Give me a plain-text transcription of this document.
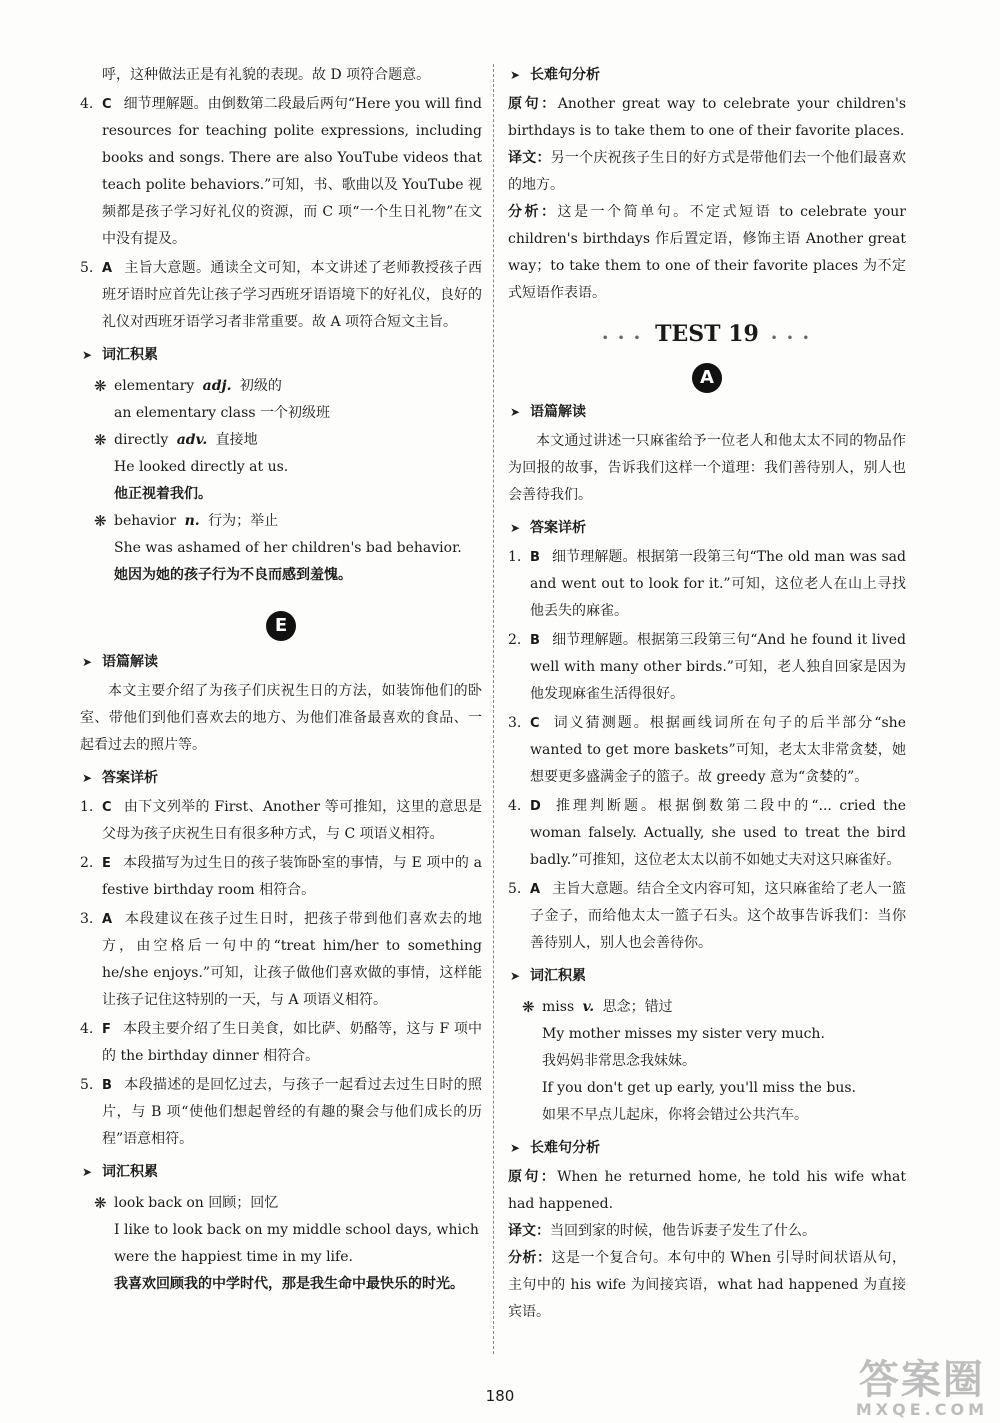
呼，这种做法正是有礼貌的表现。故 D 项符合题意。

4. C 细节理解题。由倒数第二段最后两句“Here you will find resources for teaching polite expressions, including books and songs. There are also YouTube videos that teach polite behaviors.”可知，书、歌曲以及 YouTube 视频都是孩子学习好礼仪的资源，而 C 项“一个生日礼物”在文中没有提及。

5. A 主旨大意题。通读全文可知，本文讲述了老师教授孩子西班牙语时应首先让孩子学习西班牙语语境下的好礼仪，良好的礼仪对西班牙语学习者非常重要。故 A 项符合短文主旨。

➤ 词汇积累
❋ elementary adj. 初级的
an elementary class 一个初级班
❋ directly adv. 直接地
He looked directly at us.
他正视着我们。
❋ behavior n. 行为；举止
She was ashamed of her children's bad behavior.
她因为她的孩子行为不良而感到羞愧。
E
➤ 语篇解读

本文主要介绍了为孩子们庆祝生日的方法，如装饰他们的卧室、带他们到他们喜欢去的地方、为他们准备最喜欢的食品、一起看过去的照片等。

➤ 答案详析
1. C 由下文列举的 First、Another 等可推知，这里的意思是父母为孩子庆祝生日有很多种方式，与 C 项语义相符。

2. E 本段描写为过生日的孩子装饰卧室的事情，与 E 项中的 a festive birthday room 相符合。

3. A 本段建议在孩子过生日时，把孩子带到他们喜欢去的地方，由空格后一句中的“treat him/her to something he/she enjoys.”可知，让孩子做他们喜欢做的事情，这样能让孩子记住这特别的一天，与 A 项语义相符。

4. F 本段主要介绍了生日美食，如比萨、奶酪等，这与 F 项中的 the birthday dinner 相符合。

5. B 本段描述的是回忆过去，与孩子一起看过去过生日时的照片，与 B 项“使他们想起曾经的有趣的聚会与他们成长的历程”语意相符。

➤ 词汇积累
❋ look back on 回顾；回忆
I like to look back on my middle school days, which were the happiest time in my life.
我喜欢回顾我的中学时代，那是我生命中最快乐的时光。
➤ 长难句分析

原句：Another great way to celebrate your children's birthdays is to take them to one of their favorite places.

译文：另一个庆祝孩子生日的好方式是带他们去一个他们最喜欢的地方。

分析：这是一个简单句。不定式短语 to celebrate your children's birthdays 作后置定语，修饰主语 Another great way；to take them to one of their favorite places 为不定式短语作表语。

• • • TEST 19 • • •
A
➤ 语篇解读

本文通过讲述一只麻雀给予一位老人和他太太不同的物品作为回报的故事，告诉我们这样一个道理：我们善待别人，别人也会善待我们。

➤ 答案详析
1. B 细节理解题。根据第一段第三句“The old man was sad and went out to look for it.”可知，这位老人在山上寻找他丢失的麻雀。

2. B 细节理解题。根据第三段第三句“And he found it lived well with many other birds.”可知，老人独自回家是因为他发现麻雀生活得很好。

3. C 词义猜测题。根据画线词所在句子的后半部分“she wanted to get more baskets”可知，老太太非常贪婪，她想要更多盛满金子的篮子。故 greedy 意为“贪婪的”。

4. D 推理判断题。根据倒数第二段中的“... cried the woman falsely. Actually, she used to treat the bird badly.”可推知，这位老太太以前不如她丈夫对这只麻雀好。

5. A 主旨大意题。结合全文内容可知，这只麻雀给了老人一篮子金子，而给他太太一篮子石头。这个故事告诉我们：当你善待别人，别人也会善待你。

➤ 词汇积累
❋ miss v. 思念；错过
My mother misses my sister very much.
我妈妈非常思念我妹妹。
If you don't get up early, you'll miss the bus.
如果不早点儿起床，你将会错过公共汽车。
➤ 长难句分析

原句：When he returned home, he told his wife what had happened.

译文：当回到家的时候，他告诉妻子发生了什么。

分析：这是一个复合句。本句中的 When 引导时间状语从句，主句中的 his wife 为间接宾语，what had happened 为直接宾语。

180	答案圈
MXQE.COM
